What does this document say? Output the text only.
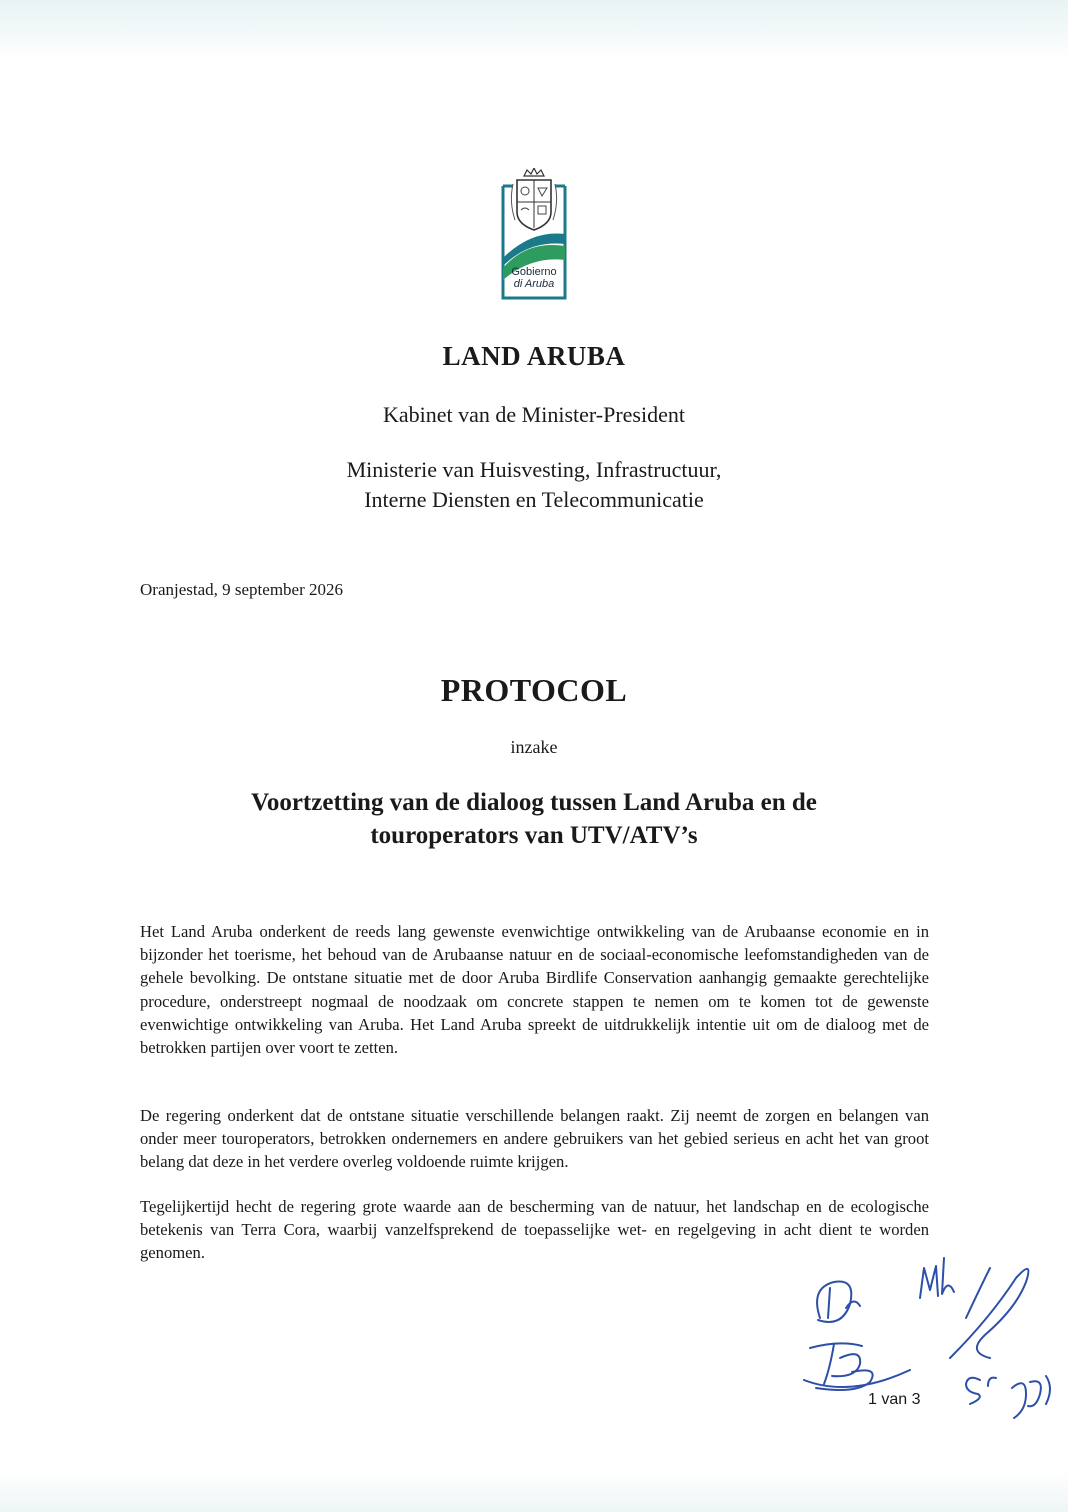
Gobierno
di Aruba
LAND ARUBA
Kabinet van de Minister-President
Ministerie van Huisvesting, Infrastructuur,
Interne Diensten en Telecommunicatie
Oranjestad, 9 september 2026
PROTOCOL
inzake
Voortzetting van de dialoog tussen Land Aruba en de
touroperators van UTV/ATV’s

Het Land Aruba onderkent de reeds lang gewenste evenwichtige ontwikkeling van de Arubaanse economie en in bijzonder het toerisme, het behoud van de Arubaanse natuur en de sociaal-economische leefomstandigheden van de gehele bevolking. De ontstane situatie met de door Aruba Birdlife Conservation aanhangig gemaakte gerechtelijke procedure, onderstreept nogmaal de noodzaak om concrete stappen te nemen om te komen tot de gewenste evenwichtige ontwikkeling van Aruba. Het Land Aruba spreekt de uitdrukkelijk intentie uit om de dialoog met de betrokken partijen over voort te zetten.

De regering onderkent dat de ontstane situatie verschillende belangen raakt. Zij neemt de zorgen en belangen van onder meer touroperators, betrokken ondernemers en andere gebruikers van het gebied serieus en acht het van groot belang dat deze in het verdere overleg voldoende ruimte krijgen.

Tegelijkertijd hecht de regering grote waarde aan de bescherming van de natuur, het landschap en de ecologische betekenis van Terra Cora, waarbij vanzelfsprekend de toepasselijke wet- en regelgeving in acht dient te worden genomen.

1 van 3
